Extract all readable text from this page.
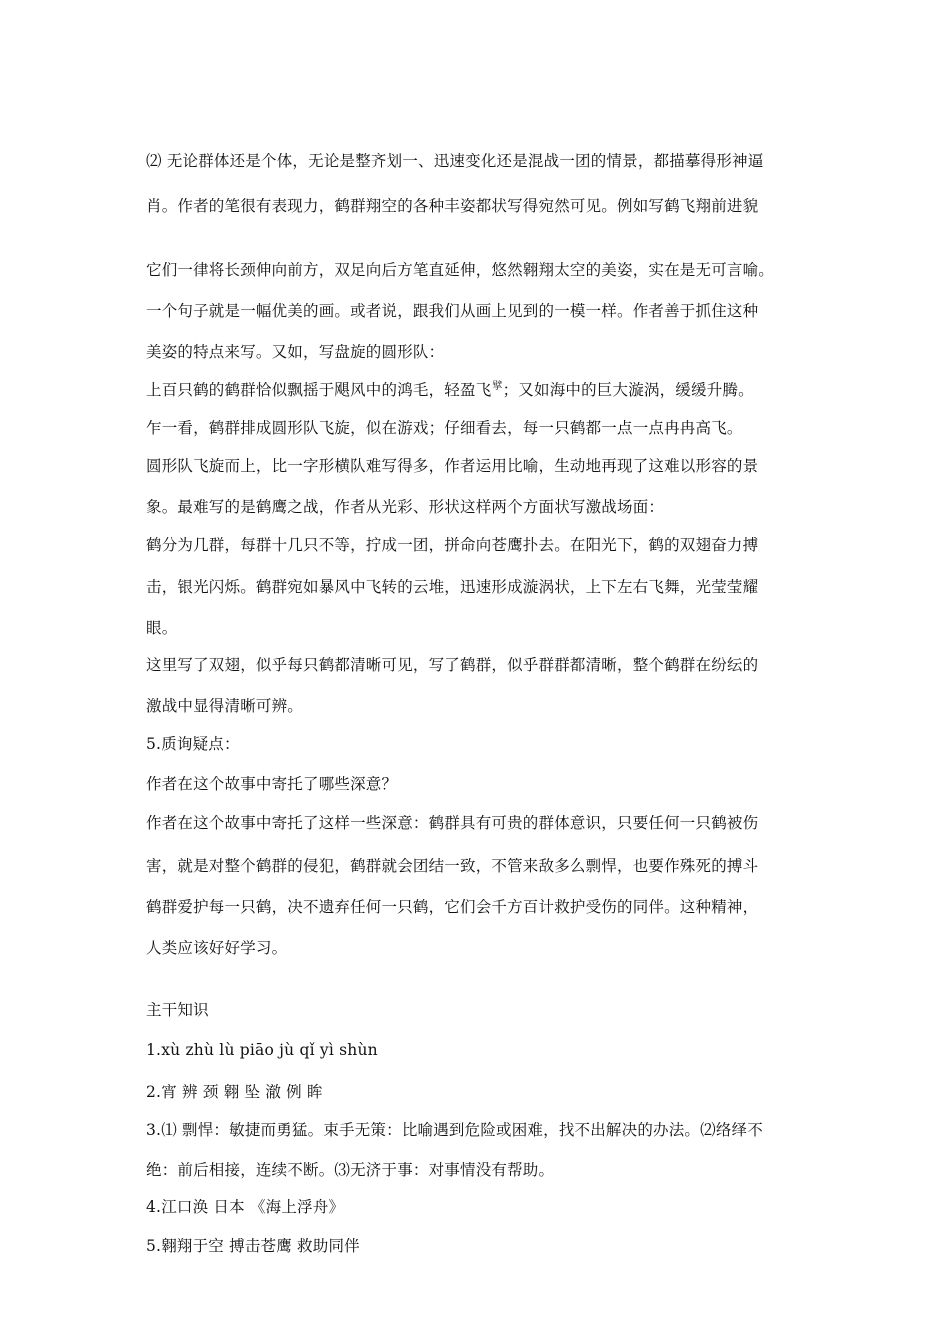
⑵ 无论群体还是个体，无论是整齐划一、迅速变化还是混战一团的情景，都描摹得形神逼
肖。作者的笔很有表现力，鹤群翔空的各种丰姿都状写得宛然可见。例如写鹤飞翔前进貌
它们一律将长颈伸向前方，双足向后方笔直延伸，悠然翱翔太空的美姿，实在是无可言喻。
一个句子就是一幅优美的画。或者说，跟我们从画上见到的一模一样。作者善于抓住这种
美姿的特点来写。又如，写盘旋的圆形队：
上百只鹤的鹤群恰似飘摇于飓风中的鸿毛，轻盈飞$^擘$；又如海中的巨大漩涡，缓缓升腾。
乍一看，鹤群排成圆形队飞旋，似在游戏；仔细看去，每一只鹤都一点一点冉冉高飞。
圆形队飞旋而上，比一字形横队难写得多，作者运用比喻，生动地再现了这难以形容的景
象。最难写的是鹤鹰之战，作者从光彩、形状这样两个方面状写激战场面：
鹤分为几群，每群十几只不等，拧成一团，拼命向苍鹰扑去。在阳光下，鹤的双翅奋力搏
击，银光闪烁。鹤群宛如暴风中飞转的云堆，迅速形成漩涡状，上下左右飞舞，光莹莹耀
眼。
这里写了双翅，似乎每只鹤都清晰可见，写了鹤群，似乎群群都清晰，整个鹤群在纷纭的
激战中显得清晰可辨。
5.质询疑点：
作者在这个故事中寄托了哪些深意？
作者在这个故事中寄托了这样一些深意：鹤群具有可贵的群体意识，只要任何一只鹤被伤
害，就是对整个鹤群的侵犯，鹤群就会团结一致，不管来敌多么剽悍，也要作殊死的搏斗
鹤群爱护每一只鹤，决不遗弃任何一只鹤，它们会千方百计救护受伤的同伴。这种精神，
人类应该好好学习。
主干知识
1.xù zhù lù piāo jù qǐ yì shùn
2.宵 辨 颈 翱 坠 澈 例 眸
3.⑴ 剽悍：敏捷而勇猛。束手无策：比喻遇到危险或困难，找不出解决的办法。⑵络绎不
绝：前后相接，连续不断。⑶无济于事：对事情没有帮助。
4.江口涣 日本 《海上浮舟》
5.翱翔于空 搏击苍鹰 救助同伴
